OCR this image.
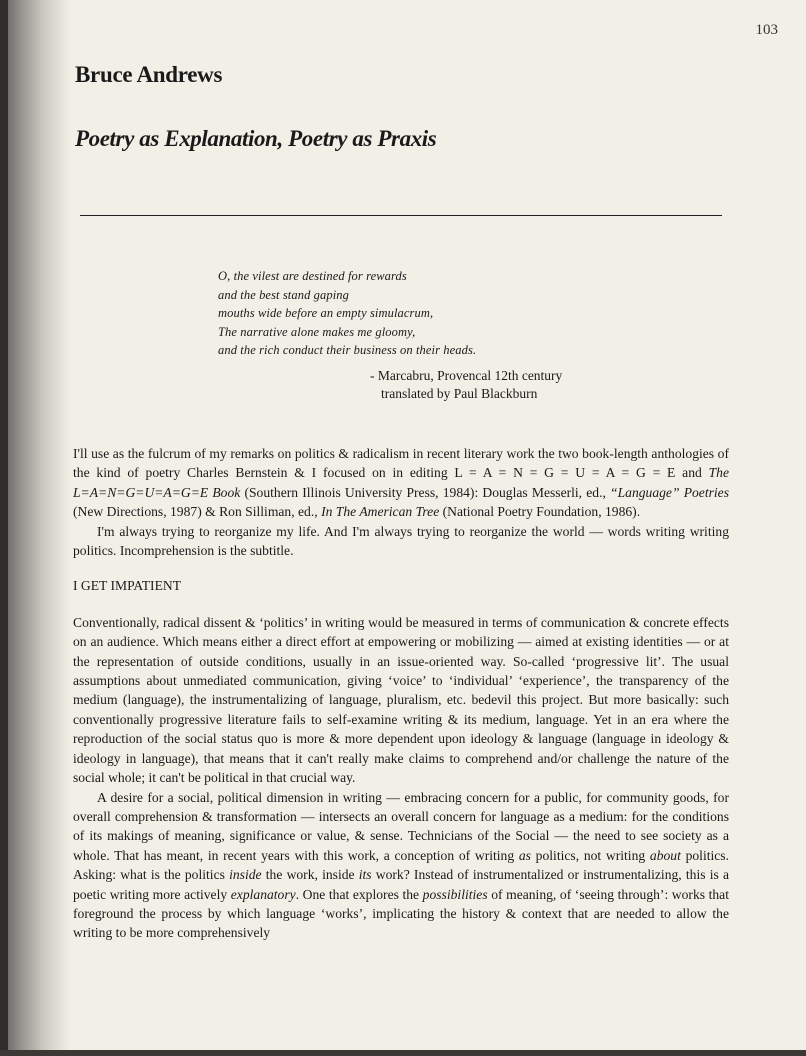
103
Bruce Andrews
Poetry as Explanation, Poetry as Praxis
O, the vilest are destined for rewards
and the best stand gaping
mouths wide before an empty simulacrum,
The narrative alone makes me gloomy,
and the rich conduct their business on their heads.
- Marcabru, Provencal 12th century
translated by Paul Blackburn

I'll use as the fulcrum of my remarks on politics & radicalism in recent literary work the two book-length anthologies of the kind of poetry Charles Bernstein & I focused on in editing L = A = N = G = U = A = G = E and The L=A=N=G=U=A=G=E Book (Southern Illinois University Press, 1984): Douglas Messerli, ed., “Language” Poetries (New Directions, 1987) & Ron Silliman, ed., In The American Tree (National Poetry Foundation, 1986).

I'm always trying to reorganize my life. And I'm always trying to reorganize the world — words writing writing politics. Incomprehension is the subtitle.

I GET IMPATIENT

Conventionally, radical dissent & ‘politics’ in writing would be measured in terms of communication & concrete effects on an audience. Which means either a direct effort at empowering or mobilizing — aimed at existing identities — or at the representation of outside conditions, usually in an issue-oriented way. So-called ‘progressive lit’. The usual assumptions about unmediated communication, giving ‘voice’ to ‘individual’ ‘experience’, the transparency of the medium (language), the instrumentalizing of language, pluralism, etc. bedevil this project. But more basically: such conventionally progressive literature fails to self-examine writing & its medium, language. Yet in an era where the reproduction of the social status quo is more & more dependent upon ideology & language (language in ideology & ideology in language), that means that it can't really make claims to comprehend and/or challenge the nature of the social whole; it can't be political in that crucial way.

A desire for a social, political dimension in writing — embracing concern for a public, for community goods, for overall comprehension & transformation — intersects an overall concern for language as a medium: for the conditions of its makings of meaning, significance or value, & sense. Technicians of the Social — the need to see society as a whole. That has meant, in recent years with this work, a conception of writing as politics, not writing about politics. Asking: what is the politics inside the work, inside its work? Instead of instrumentalized or instrumentalizing, this is a poetic writing more actively explanatory. One that explores the possibilities of meaning, of ‘seeing through’: works that foreground the process by which language ‘works’, implicating the history & context that are needed to allow the writing to be more comprehensively
